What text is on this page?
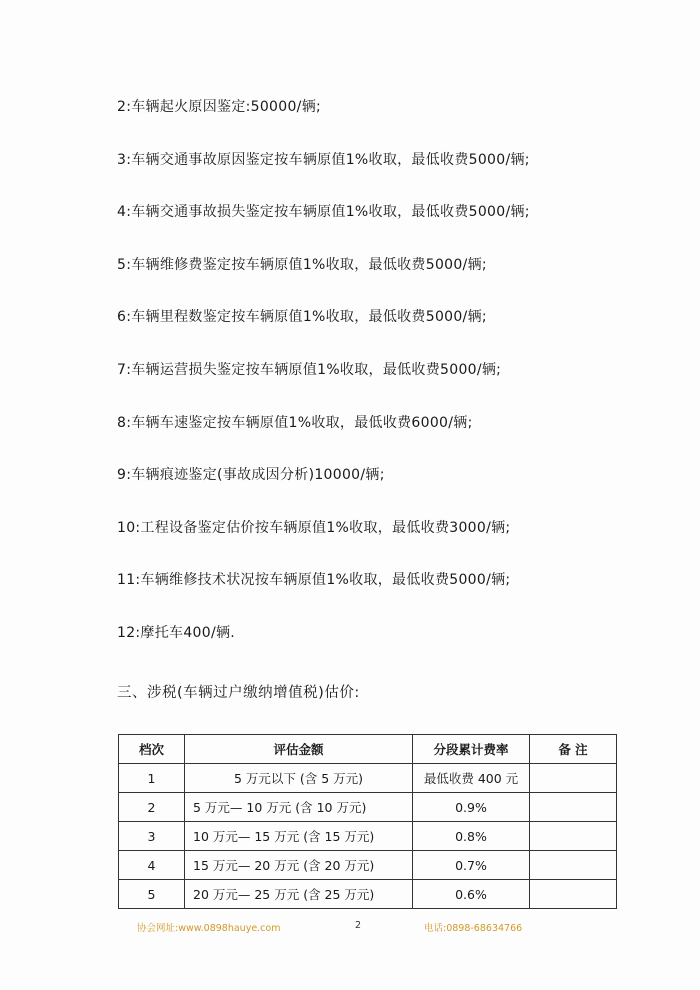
2:车辆起火原因鉴定:50000/辆;
3:车辆交通事故原因鉴定按车辆原值1%收取，最低收费5000/辆;
4:车辆交通事故损失鉴定按车辆原值1%收取，最低收费5000/辆;
5:车辆维修费鉴定按车辆原值1%收取，最低收费5000/辆;
6:车辆里程数鉴定按车辆原值1%收取，最低收费5000/辆;
7:车辆运营损失鉴定按车辆原值1%收取，最低收费5000/辆;
8:车辆车速鉴定按车辆原值1%收取，最低收费6000/辆;
9:车辆痕迹鉴定(事故成因分析)10000/辆;
10:工程设备鉴定估价按车辆原值1%收取，最低收费3000/辆;
11:车辆维修技术状况按车辆原值1%收取，最低收费5000/辆;
12:摩托车400/辆.
三、涉税(车辆过户缴纳增值税)估价:
档次	评估金额	分段累计费率	备 注
1	5 万元以下 (含 5 万元)	最低收费 400 元	
2	5 万元— 10 万元 (含 10 万元)	0.9%	
3	10 万元— 15 万元 (含 15 万元)	0.8%	
4	15 万元— 20 万元 (含 20 万元)	0.7%	
5	20 万元— 25 万元 (含 25 万元)	0.6%	
协会网址:www.0898hauye.com	2	电话:0898-68634766
